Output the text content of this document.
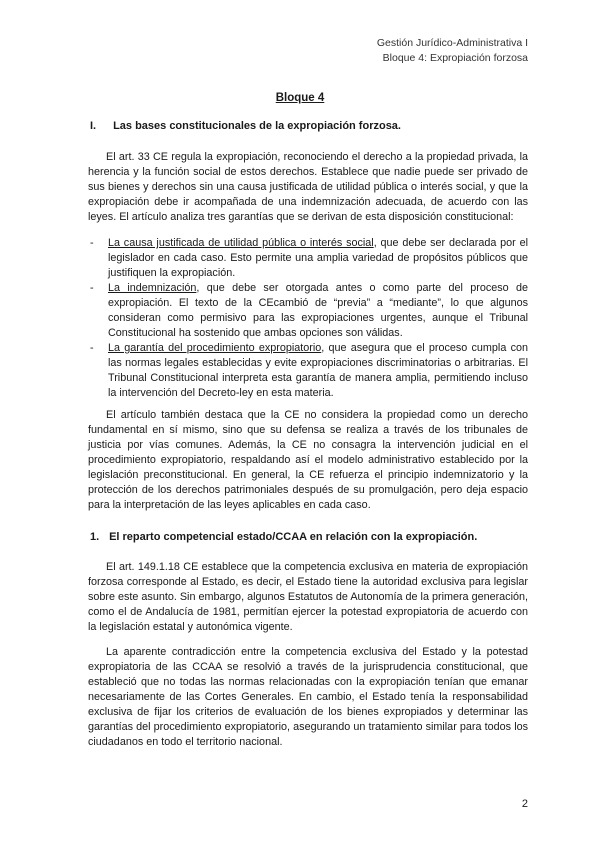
Gestión Jurídico-Administrativa I
Bloque 4: Expropiación forzosa
Bloque 4
I. Las bases constitucionales de la expropiación forzosa.

El art. 33 CE regula la expropiación, reconociendo el derecho a la propiedad privada, la herencia y la función social de estos derechos. Establece que nadie puede ser privado de sus bienes y derechos sin una causa justificada de utilidad pública o interés social, y que la expropiación debe ir acompañada de una indemnización adecuada, de acuerdo con las leyes. El artículo analiza tres garantías que se derivan de esta disposición constitucional:

- La causa justificada de utilidad pública o interés social, que debe ser declarada por el legislador en cada caso. Esto permite una amplia variedad de propósitos públicos que justifiquen la expropiación.
- La indemnización, que debe ser otorgada antes o como parte del proceso de expropiación. El texto de la CEcambió de “previa” a “mediante”, lo que algunos consideran como permisivo para las expropiaciones urgentes, aunque el Tribunal Constitucional ha sostenido que ambas opciones son válidas.
- La garantía del procedimiento expropiatorio, que asegura que el proceso cumpla con las normas legales establecidas y evite expropiaciones discriminatorias o arbitrarias. El Tribunal Constitucional interpreta esta garantía de manera amplia, permitiendo incluso la intervención del Decreto-ley en esta materia.

El artículo también destaca que la CE no considera la propiedad como un derecho fundamental en sí mismo, sino que su defensa se realiza a través de los tribunales de justicia por vías comunes. Además, la CE no consagra la intervención judicial en el procedimiento expropiatorio, respaldando así el modelo administrativo establecido por la legislación preconstitucional. En general, la CE refuerza el principio indemnizatorio y la protección de los derechos patrimoniales después de su promulgación, pero deja espacio para la interpretación de las leyes aplicables en cada caso.

1. El reparto competencial estado/CCAA en relación con la expropiación.

El art. 149.1.18 CE establece que la competencia exclusiva en materia de expropiación forzosa corresponde al Estado, es decir, el Estado tiene la autoridad exclusiva para legislar sobre este asunto. Sin embargo, algunos Estatutos de Autonomía de la primera generación, como el de Andalucía de 1981, permitían ejercer la potestad expropiatoria de acuerdo con la legislación estatal y autonómica vigente.

La aparente contradicción entre la competencia exclusiva del Estado y la potestad expropiatoria de las CCAA se resolvió a través de la jurisprudencia constitucional, que estableció que no todas las normas relacionadas con la expropiación tenían que emanar necesariamente de las Cortes Generales. En cambio, el Estado tenía la responsabilidad exclusiva de fijar los criterios de evaluación de los bienes expropiados y determinar las garantías del procedimiento expropiatorio, asegurando un tratamiento similar para todos los ciudadanos en todo el territorio nacional.

2
